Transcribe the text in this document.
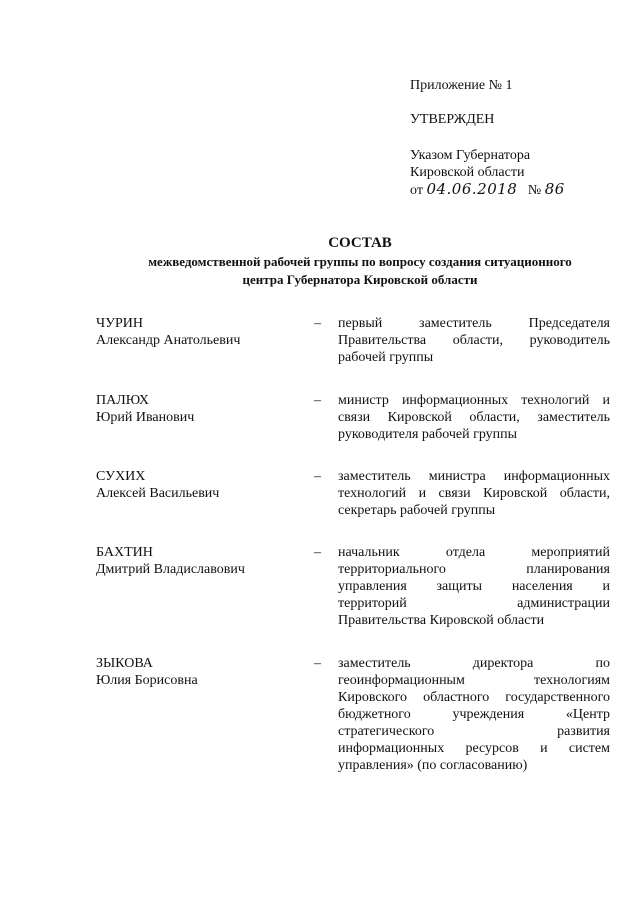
Приложение № 1
УТВЕРЖДЕН
Указом Губернатора
Кировской области
от 04.06.2018 № 86
СОСТАВ
межведомственной рабочей группы по вопросу создания ситуационного
центра Губернатора Кировской области
ЧУРИН
Александр Анатольевич
– первый заместитель Председателя
Правительства области, руководитель
рабочей группы
ПАЛЮХ
Юрий Иванович
– министр информационных технологий и
связи Кировской области, заместитель
руководителя рабочей группы
СУХИХ
Алексей Васильевич
– заместитель министра информационных
технологий и связи Кировской области,
секретарь рабочей группы
БАХТИН
Дмитрий Владиславович
– начальник отдела мероприятий
территориального планирования
управления защиты населения и
территорий администрации
Правительства Кировской области
ЗЫКОВА
Юлия Борисовна
– заместитель директора по
геоинформационным технологиям
Кировского областного государственного
бюджетного учреждения «Центр
стратегического развития
информационных ресурсов и систем
управления» (по согласованию)
